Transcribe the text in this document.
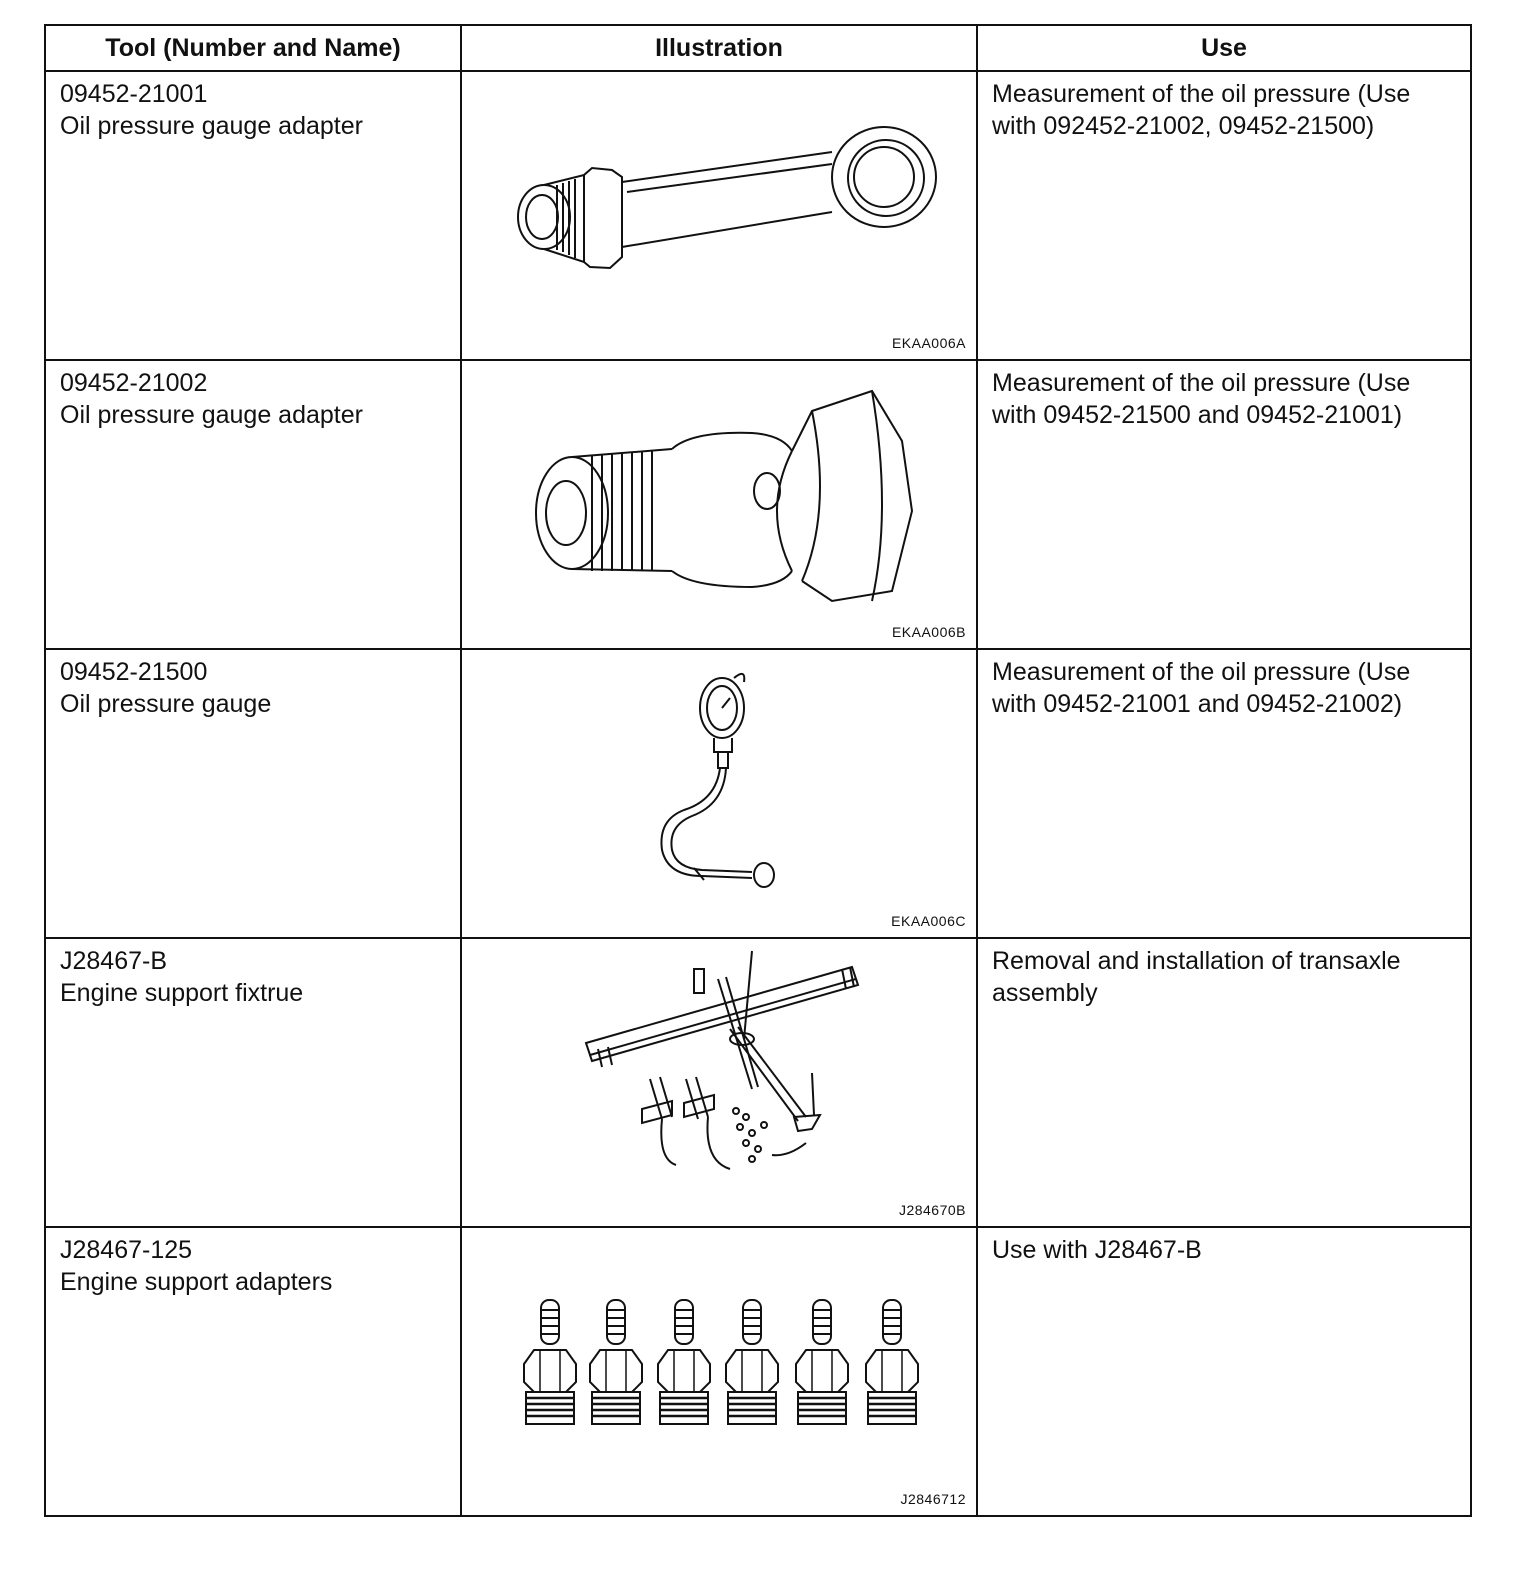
Tool (Number and Name)	Illustration	Use

09452-21001
Oil pressure gauge adapter	EKAA006A	Measurement of the oil pressure (Use with 092452-21002, 09452-21500)

09452-21002
Oil pressure gauge adapter	EKAA006B	Measurement of the oil pressure (Use with 09452-21500 and 09452-21001)

09452-21500
Oil pressure gauge	EKAA006C	Measurement of the oil pressure (Use with 09452-21001 and 09452-21002)

J28467-B
Engine support fixtrue	J284670B	Removal and installation of transaxle assembly

J28467-125
Engine support adapters	J2846712	Use with J28467-B
